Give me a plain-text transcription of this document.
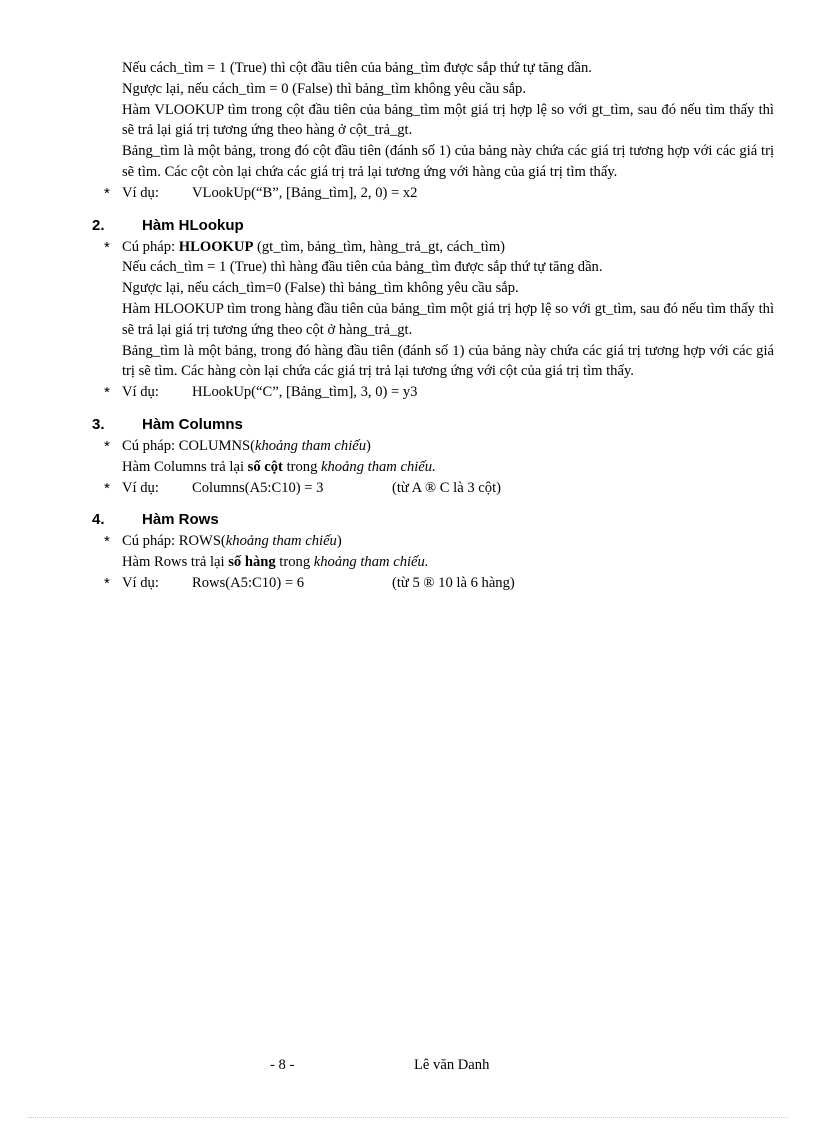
Nếu cách_tìm = 1 (True) thì cột đầu tiên của bảng_tìm được sắp thứ tự tăng dần.

Ngược lại, nếu cách_tìm = 0 (False) thì bảng_tìm không yêu cầu sắp.

Hàm VLOOKUP tìm trong cột đầu tiên của bảng_tìm một giá trị hợp lệ so với gt_tìm, sau đó nếu tìm thấy thì sẽ trả lại giá trị tương ứng theo hàng ở cột_trả_gt.

Bảng_tìm là một bảng, trong đó cột đầu tiên (đánh số 1) của bảng này chứa các giá trị tương hợp với các giá trị sẽ tìm. Các cột còn lại chứa các giá trị trả lại tương ứng với hàng của giá trị tìm thấy.

* Ví dụ: VLookUp(“B”, [Bảng_tìm], 2, 0) = x2

2. Hàm HLookup

* Cú pháp: HLOOKUP (gt_tìm, bảng_tìm, hàng_trả_gt, cách_tìm)

Nếu cách_tìm = 1 (True) thì hàng đầu tiên của bảng_tìm được sắp thứ tự tăng dần.

Ngược lại, nếu cách_tìm=0 (False) thì bảng_tìm không yêu cầu sắp.

Hàm HLOOKUP tìm trong hàng đầu tiên của bảng_tìm một giá trị hợp lệ so với gt_tìm, sau đó nếu tìm thấy thì sẽ trả lại giá trị tương ứng theo cột ở hàng_trả_gt.

Bảng_tìm là một bảng, trong đó hàng đầu tiên (đánh số 1) của bảng này chứa các giá trị tương hợp với các giá trị sẽ tìm. Các hàng còn lại chứa các giá trị trả lại tương ứng với cột của giá trị tìm thấy.

* Ví dụ: HLookUp(“C”, [Bảng_tìm], 3, 0) = y3

3. Hàm Columns

* Cú pháp: COLUMNS(khoảng tham chiếu)

Hàm Columns trả lại số cột trong khoảng tham chiếu.

* Ví dụ: Columns(A5:C10) = 3	(từ A ® C là 3 cột)

4. Hàm Rows

* Cú pháp: ROWS(khoảng tham chiếu)

Hàm Rows trả lại số hàng trong khoảng tham chiếu.

* Ví dụ: Rows(A5:C10) = 6	(từ 5 ® 10 là 6 hàng)

- 8 -	Lê văn Danh
